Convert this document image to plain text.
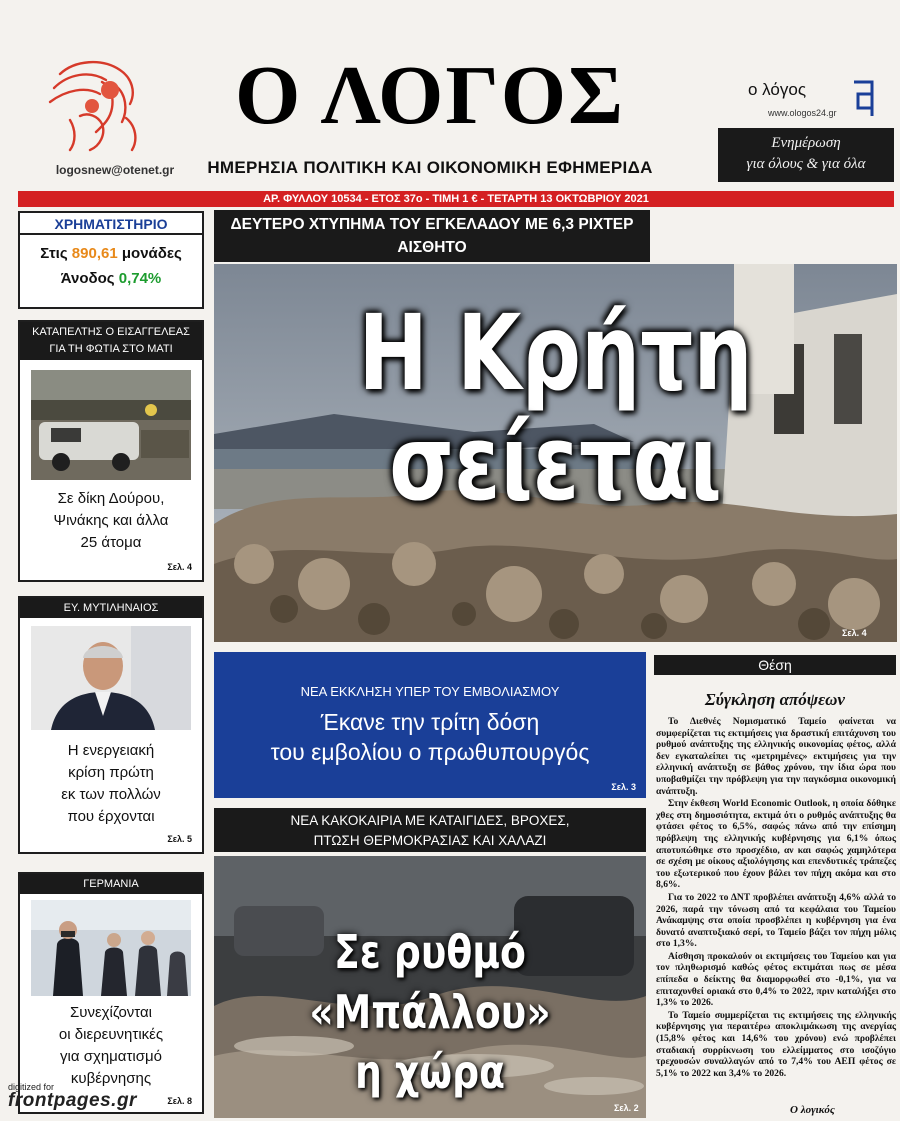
logosnew@otenet.gr
Ο ΛΟΓΟΣ
ΗΜΕΡΗΣΙΑ ΠΟΛΙΤΙΚΗ ΚΑΙ ΟΙΚΟΝΟΜΙΚΗ ΕΦΗΜΕΡΙΔΑ
ο λόγος
www.ologos24.gr
Ενημέρωση
για όλους & για όλα
ΑΡ. ΦΥΛΛΟΥ 10534 - ΕΤΟΣ 37ο - ΤΙΜΗ 1 € - ΤΕΤΑΡΤΗ 13 ΟΚΤΩΒΡΙΟΥ 2021
ΧΡΗΜΑΤΙΣΤΗΡΙΟ
Στις 890,61 μονάδες
Άνοδος 0,74%
ΚΑΤΑΠΕΛΤΗΣ Ο ΕΙΣΑΓΓΕΛΕΑΣ
ΓΙΑ ΤΗ ΦΩΤΙΑ ΣΤΟ ΜΑΤΙ
Σε δίκη Δούρου,
Ψινάκης και άλλα
25 άτομα
Σελ. 4
ΕΥ. ΜΥΤΙΛΗΝΑΙΟΣ
Η ενεργειακή
κρίση πρώτη
εκ των πολλών
που έρχονται
Σελ. 5
ΓΕΡΜΑΝΙΑ
Συνεχίζονται
οι διερευνητικές
για σχηματισμό
κυβέρνησης
Σελ. 8
ΔΕΥΤΕΡΟ ΧΤΥΠΗΜΑ ΤΟΥ ΕΓΚΕΛΑΔΟΥ ΜΕ 6,3 ΡΙΧΤΕΡ ΑΙΣΘΗΤΟ
Η Κρήτη
σείεται
Σελ. 4
ΝΕΑ ΕΚΚΛΗΣΗ ΥΠΕΡ ΤΟΥ ΕΜΒΟΛΙΑΣΜΟΥ
Έκανε την τρίτη δόση
του εμβολίου ο πρωθυπουργός
Σελ. 3
ΝΕΑ ΚΑΚΟΚΑΙΡΙΑ ΜΕ ΚΑΤΑΙΓΙΔΕΣ, ΒΡΟΧΕΣ,
ΠΤΩΣΗ ΘΕΡΜΟΚΡΑΣΙΑΣ ΚΑΙ ΧΑΛΑΖΙ
Σε ρυθμό «Μπάλλου»
η χώρα
Σελ. 2
Θέση
Σύγκληση απόψεων

Το Διεθνές Νομισματικό Ταμείο φαίνεται να συμφερίζεται τις εκτιμήσεις για δραστική επιτάχυνση του ρυθμού ανάπτυξης της ελληνικής οικονομίας φέτος, αλλά δεν εγκαταλείπει τις «μετρημένες» εκτιμήσεις για την ελληνική ανάπτυξη σε βάθος χρόνου, την ίδια ώρα που υποβαθμίζει την πρόβλεψη για την παγκόσμια οικονομική ανάπτυξη.

Στην έκθεση World Economic Outlook, η οποία δόθηκε χθες στη δημοσιότητα, εκτιμά ότι ο ρυθμός ανάπτυξης θα φτάσει φέτος το 6,5%, σαφώς πάνω από την επίσημη πρόβλεψη της ελληνικής κυβέρνησης για 6,1% όπως αποτυπώθηκε στο προσχέδιο, αν και σαφώς χαμηλότερα σε σχέση με οίκους αξιολόγησης και επενδυτικές τράπεζες του εξωτερικού που έχουν βάλει τον πήχη ακόμα και στο 8,6%.

Για το 2022 το ΔΝΤ προβλέπει ανάπτυξη 4,6% αλλά το 2026, παρά την τόνωση από τα κεφάλαια του Ταμείου Ανάκαμψης στα οποία προσβλέπει η κυβέρνηση για ένα δυνατό αναπτυξιακό σερί, το Ταμείο βάζει τον πήχη μόλις στο 1,3%.

Αίσθηση προκαλούν οι εκτιμήσεις του Ταμείου και για τον πληθωρισμό καθώς φέτος εκτιμάται πως σε μέσα επίπεδα ο δείκτης θα διαμορφωθεί στο -0,1%, για να επιταχυνθεί οριακά στο 0,4% το 2022, πριν καταλήξει στο 1,3% το 2026.

Το Ταμείο συμμερίζεται τις εκτιμήσεις της ελληνικής κυβέρνησης για περαιτέρω αποκλιμάκωση της ανεργίας (15,8% φέτος και 14,6% του χρόνου) ενώ προβλέπει σταδιακή συρρίκνωση του ελλείμματος στο ισοζύγιο τρεχουσών συναλλαγών από το 7,4% του ΑΕΠ φέτος σε 5,1% το 2022 και 3,4% το 2026.

Ο λογικός
digitized for
frontpages.gr
